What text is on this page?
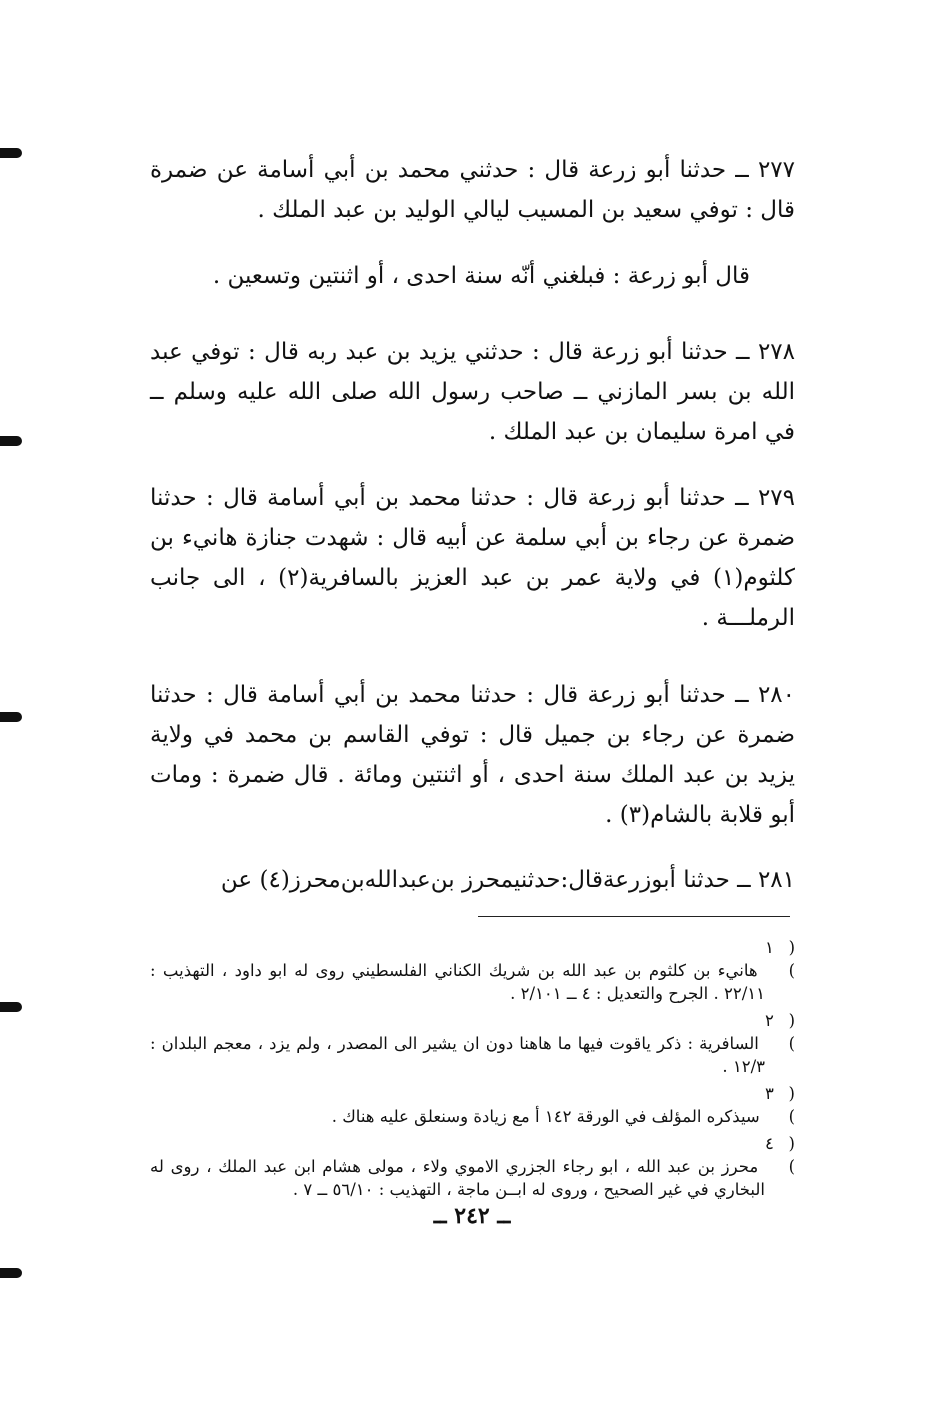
٢٧٧ ــ حدثنا أبو زرعة قال : حدثني محمد بن أبي أسامة عن ضمرة قال : توفي سعيد بن المسيب ليالي الوليد بن عبد الملك .
قال أبو زرعة : فبلغني أنّه سنة احدى ، أو اثنتين وتسعين .
٢٧٨ ــ حدثنا أبو زرعة قال : حدثني يزيد بن عبد ربه قال : توفي عبد الله بن بسر المازني ــ صاحب رسول الله صلى الله عليه وسلم ــ في امرة سليمان بن عبد الملك .
٢٧٩ ــ حدثنا أبو زرعة قال : حدثنا محمد بن أبي أسامة قال : حدثنا ضمرة عن رجاء بن أبي سلمة عن أبيه قال : شهدت جنازة هانيء بن كلثوم(١) في ولاية عمر بن عبد العزيز بالسافرية(٢) ، الى جانب الرملـــة .
٢٨٠ ــ حدثنا أبو زرعة قال : حدثنا محمد بن أبي أسامة قال : حدثنا ضمرة عن رجاء بن جميل قال : توفي القاسم بن محمد في ولاية يزيد بن عبد الملك سنة احدى ، أو اثنتين ومائة . قال ضمرة : ومات أبو قلابة بالشام(٣) .
٢٨١ ــ حدثنا أبوزرعةقال:حدثنيمحرز بن‌عبدالله‌بن‌محرز(٤) عن

( ١ ) هانيء بن كلثوم بن عبد الله بن شريك الكناني الفلسطيني روى له ابو داود ، التهذيب : ٢٢/١١ . الجرح والتعديل : ٤ ــ ٢/١٠١ .

( ٢ ) السافرية : ذكر ياقوت فيها ما هاهنا دون ان يشير الى المصدر ، ولم يزد ، معجم البلدان : ١٢/٣ .

( ٣ ) سيذكره المؤلف في الورقة ١٤٢ أ مع زيادة وسنعلق عليه هناك .

( ٤ ) محرز بن عبد الله ، ابو رجاء الجزري الاموي ولاء ، مولى هشام ابن عبد الملك ، روى له البخاري في غير الصحيح ، وروى له ابــن ماجة ، التهذيب : ٥٦/١٠ ــ ٧ .

ــ ٢٤٢ ــ
